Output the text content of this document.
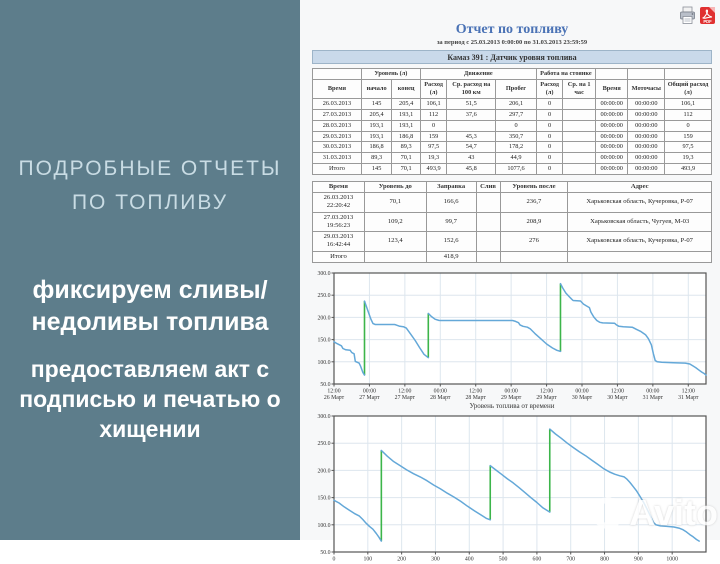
ПОДРОБНЫЕ ОТЧЕТЫ
ПО ТОПЛИВУ
фиксируем сливы/
недоливы топлива
предоставляем акт с подписью и печатью о хищении
PDF
Отчет по топливу
за период с 25.03.2013 0:00:00 по 31.03.2013 23:59:59
Камаз 391 : Датчик уровня топлива
	Уровень (л)		Движение			Работа на стоянке				
Время	начало	конец	Расход (л)	Ср. расход на 100 км	Пробег	Расход (л)	Ср. на 1 час	Время	Моточасы	Общий расход (л)
26.03.2013	145	205,4	106,1	51,5	206,1	0		00:00:00	00:00:00	106,1
27.03.2013	205,4	193,1	112	37,6	297,7	0		00:00:00	00:00:00	112
28.03.2013	193,1	193,1	0		0	0		00:00:00	00:00:00	0
29.03.2013	193,1	186,8	159	45,3	350,7	0		00:00:00	00:00:00	159
30.03.2013	186,8	89,3	97,5	54,7	178,2	0		00:00:00	00:00:00	97,5
31.03.2013	89,3	70,1	19,3	43	44,9	0		00:00:00	00:00:00	19,3
Итого	145	70,1	493,9	45,8	1077,6	0		00:00:00	00:00:00	493,9
Время	Уровень до	Заправка	Слив	Уровень после	Адрес
26.03.2013 22:20:42	70,1	166,6		236,7	Харьковская область, Кучеровка, Р-07
27.03.2013 19:56:23	109,2	99,7		208,9	Харьковская область, Чугуев, М-03
29.03.2013 16:42:44	123,4	152,6		276	Харьковская область, Кучеровка, Р-07
Итого		418,9			
50.0
100.0
150.0
200.0
250.0
300.0
12:00
26 Март
00:00
27 Март
12:00
27 Март
00:00
28 Март
12:00
28 Март
00:00
29 Март
12:00
29 Март
00:00
30 Март
12:00
30 Март
00:00
31 Март
12:00
31 Март
Уровень топлива от времени
50.0
100.0
150.0
200.0
250.0
300.0
0	100	200	300	400	500	600	700	800	900	1000
Avito
